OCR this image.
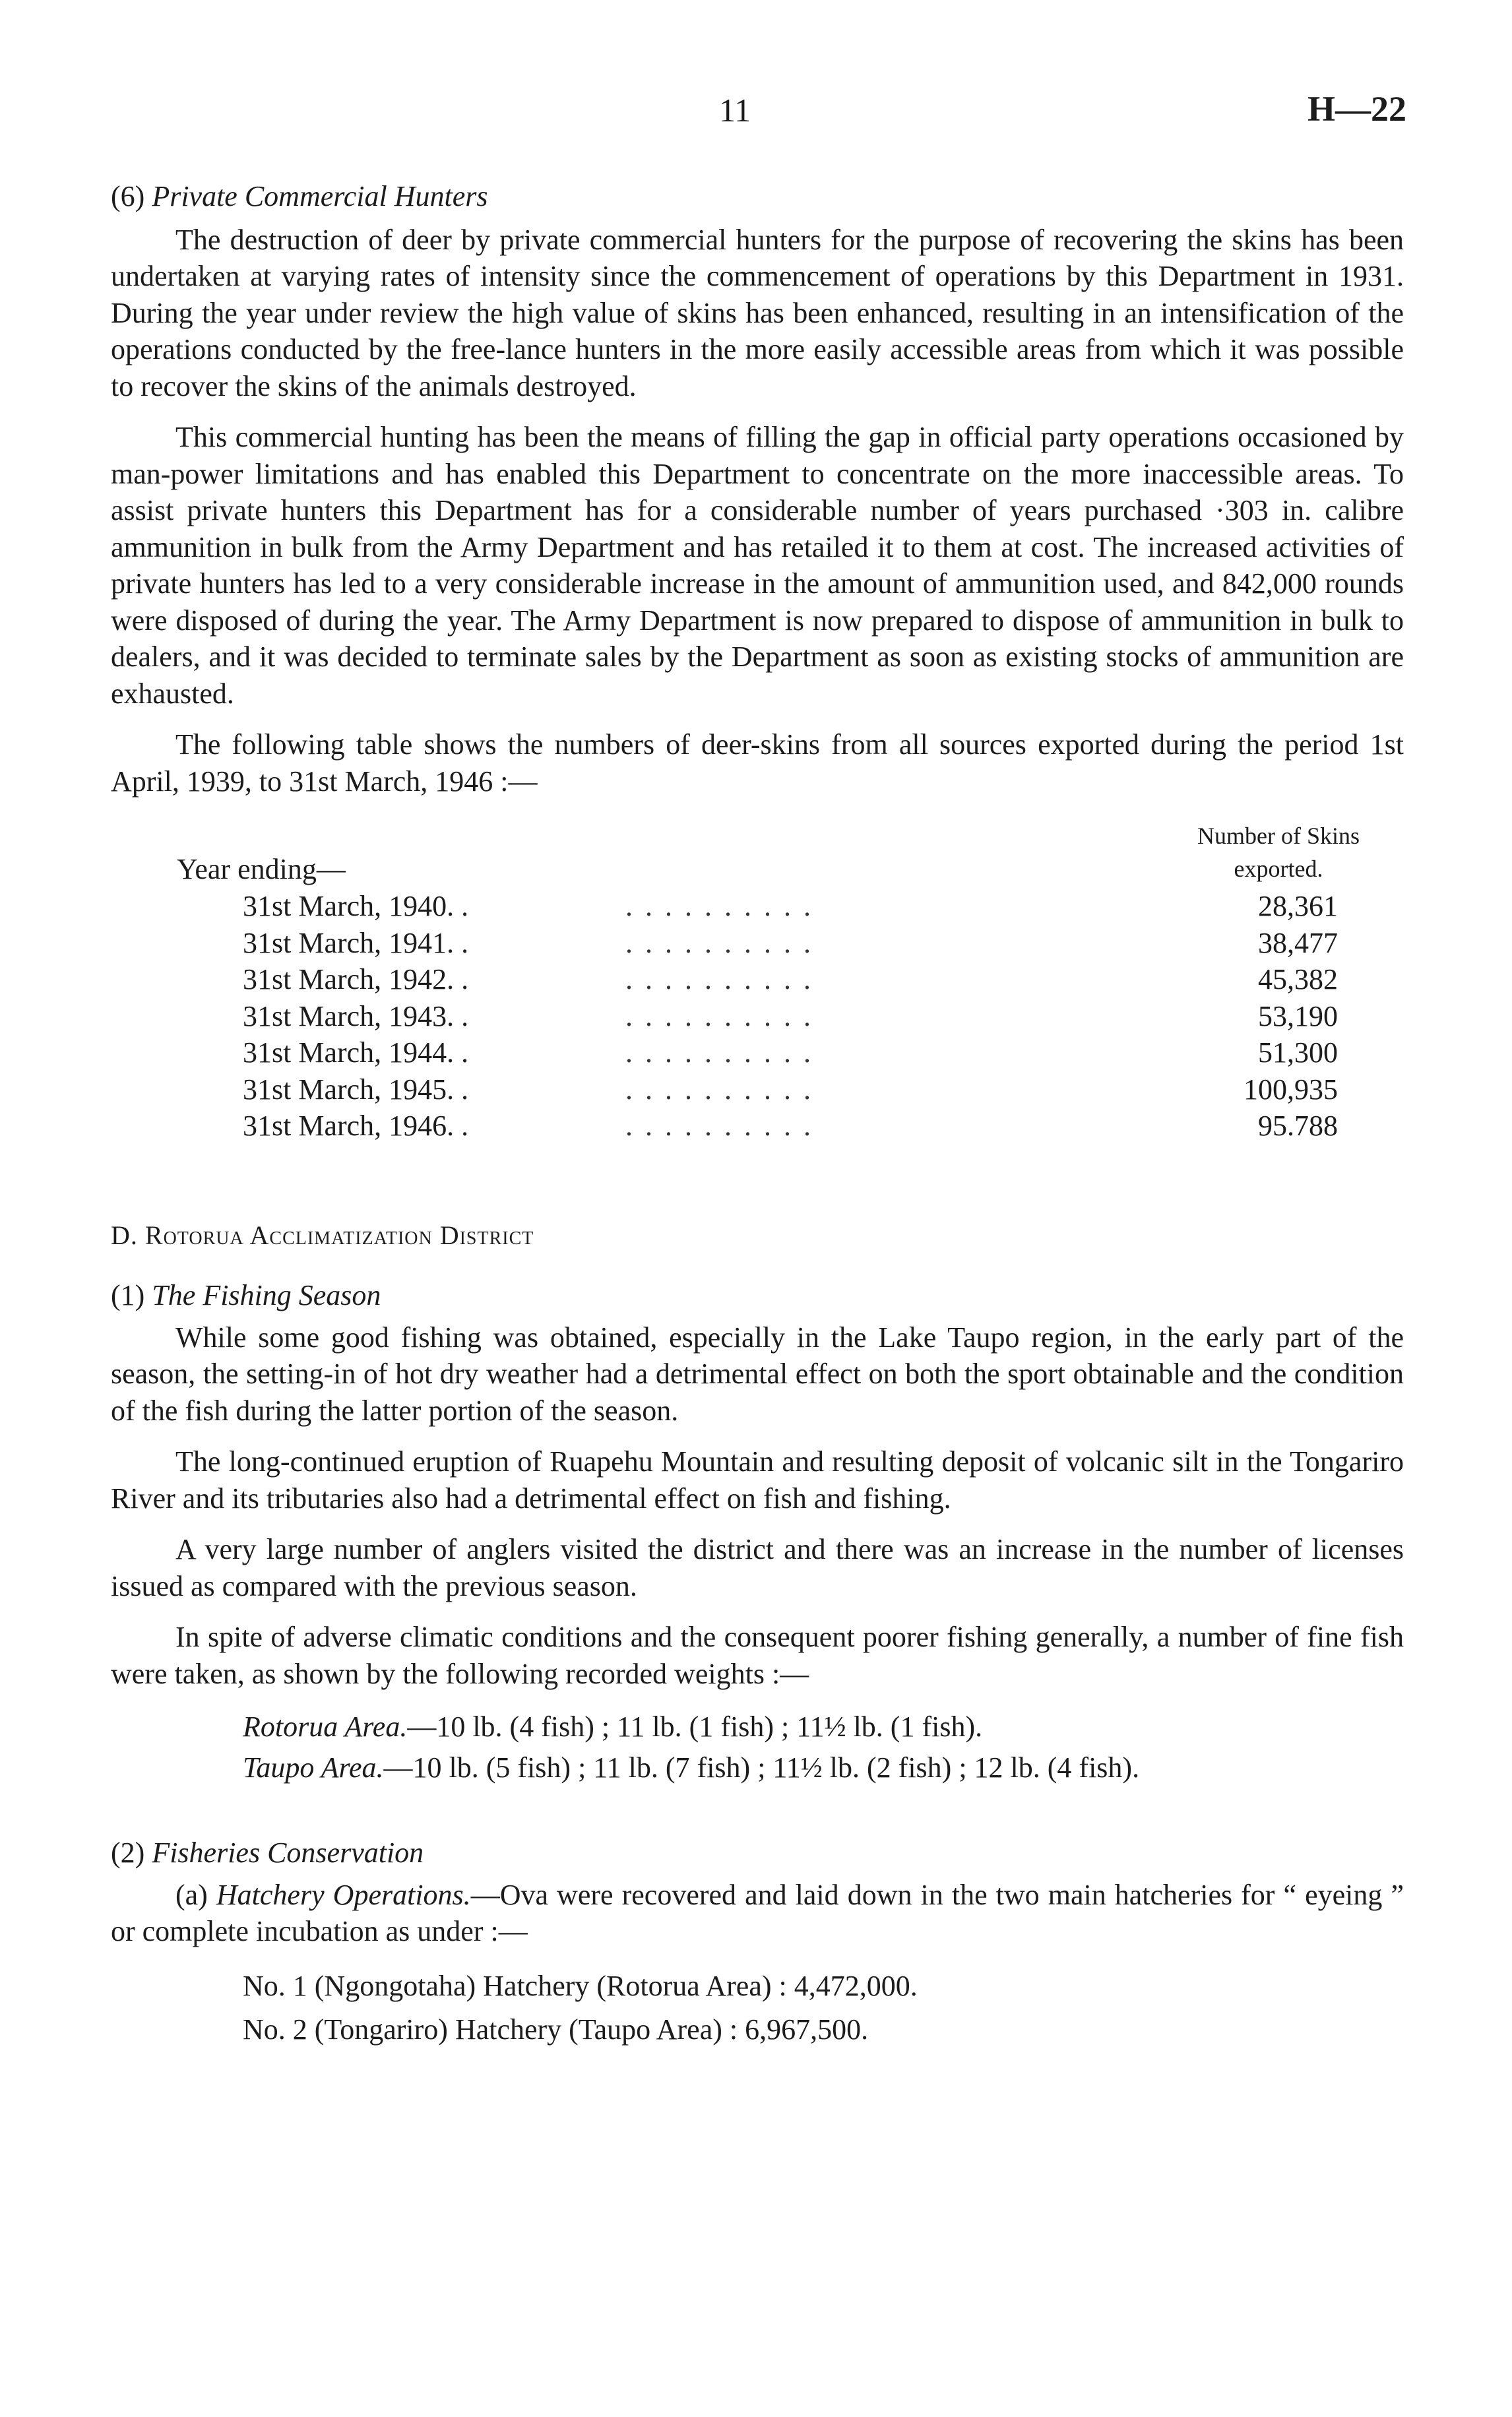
11	H—22
(6) Private Commercial Hunters

The destruction of deer by private commercial hunters for the purpose of recovering the skins has been undertaken at varying rates of intensity since the commencement of operations by this Department in 1931. During the year under review the high value of skins has been enhanced, resulting in an intensification of the operations conducted by the free-lance hunters in the more easily accessible areas from which it was possible to recover the skins of the animals destroyed.

This commercial hunting has been the means of filling the gap in official party operations occasioned by man-power limitations and has enabled this Department to concentrate on the more inaccessible areas. To assist private hunters this Department has for a considerable number of years purchased ·303 in. calibre ammunition in bulk from the Army Department and has retailed it to them at cost. The increased activities of private hunters has led to a very considerable increase in the amount of ammunition used, and 842,000 rounds were disposed of during the year. The Army Department is now prepared to dispose of ammunition in bulk to dealers, and it was decided to terminate sales by the Department as soon as existing stocks of ammunition are exhausted.

The following table shows the numbers of deer-skins from all sources exported during the period 1st April, 1939, to 31st March, 1946 :—

Year ending—
Number of Skins
exported.
31st March, 1940. .	. . . . . . . . . .	28,361
31st March, 1941. .	. . . . . . . . . .	38,477
31st March, 1942. .	. . . . . . . . . .	45,382
31st March, 1943. .	. . . . . . . . . .	53,190
31st March, 1944. .	. . . . . . . . . .	51,300
31st March, 1945. .	. . . . . . . . . .	100,935
31st March, 1946. .	. . . . . . . . . .	95.788
D. Rotorua Acclimatization District
(1) The Fishing Season

While some good fishing was obtained, especially in the Lake Taupo region, in the early part of the season, the setting-in of hot dry weather had a detrimental effect on both the sport obtainable and the condition of the fish during the latter portion of the season.

The long-continued eruption of Ruapehu Mountain and resulting deposit of volcanic silt in the Tongariro River and its tributaries also had a detrimental effect on fish and fishing.

A very large number of anglers visited the district and there was an increase in the number of licenses issued as compared with the previous season.

In spite of adverse climatic conditions and the consequent poorer fishing generally, a number of fine fish were taken, as shown by the following recorded weights :—

Rotorua Area.—10 lb. (4 fish) ; 11 lb. (1 fish) ; 11½ lb. (1 fish).
Taupo Area.—10 lb. (5 fish) ; 11 lb. (7 fish) ; 11½ lb. (2 fish) ; 12 lb. (4 fish).
(2) Fisheries Conservation

(a) Hatchery Operations.—Ova were recovered and laid down in the two main hatcheries for “ eyeing ” or complete incubation as under :—

No. 1 (Ngongotaha) Hatchery (Rotorua Area) : 4,472,000.
No. 2 (Tongariro) Hatchery (Taupo Area) : 6,967,500.
